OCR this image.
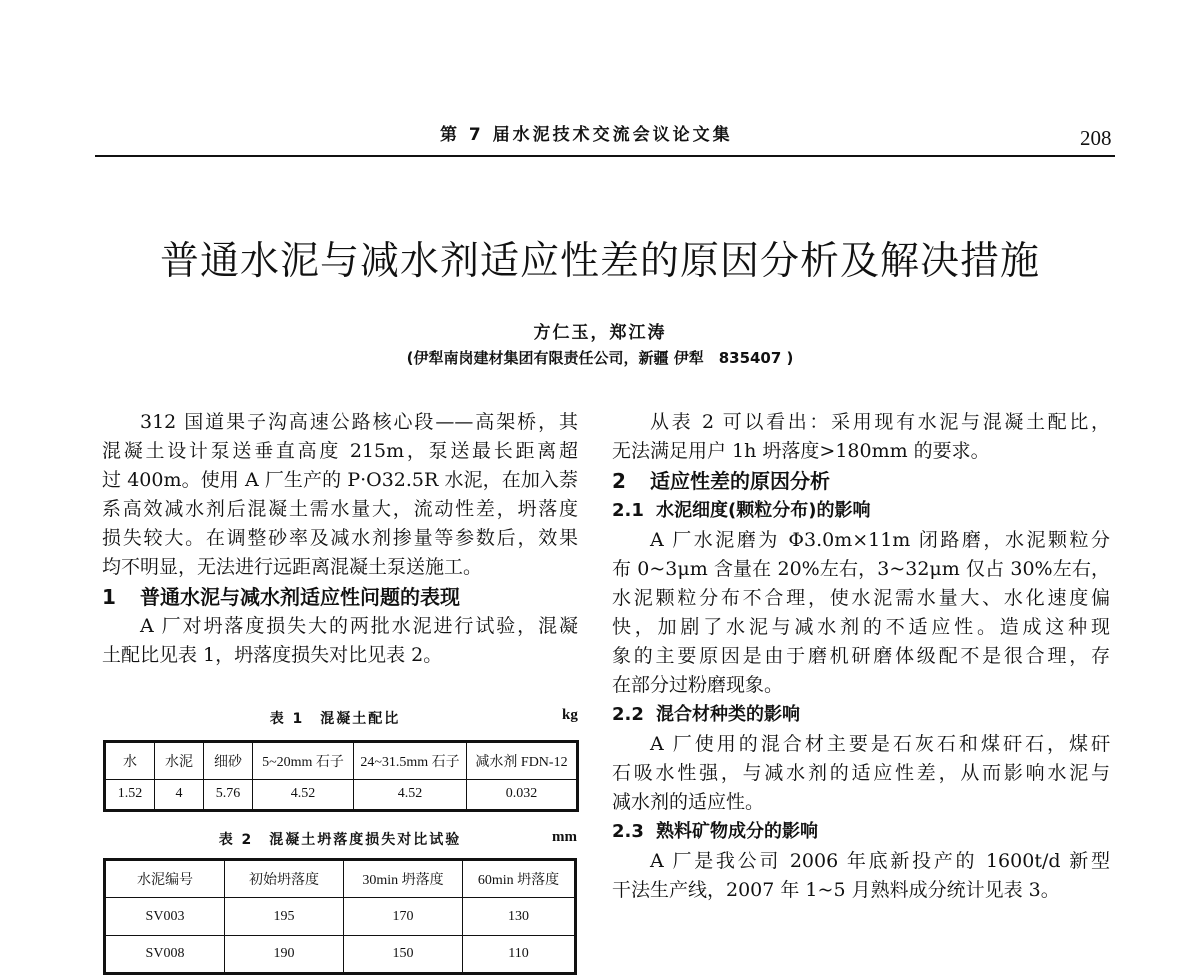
第 7 届水泥技术交流会议论文集	208
普通水泥与减水剂适应性差的原因分析及解决措施
方仁玉，郑江涛
(伊犁南岗建材集团有限责任公司，新疆 伊犁　835407 )
312 国道果子沟高速公路核心段——高架桥，其
混凝土设计泵送垂直高度 215m，泵送最长距离超
过 400m。使用 A 厂生产的 P·O32.5R 水泥，在加入萘
系高效减水剂后混凝土需水量大，流动性差，坍落度
损失较大。在调整砂率及减水剂掺量等参数后，效果
均不明显，无法进行远距离混凝土泵送施工。
1 普通水泥与减水剂适应性问题的表现
A 厂对坍落度损失大的两批水泥进行试验，混凝
土配比见表 1，坍落度损失对比见表 2。
表 1　混凝土配比	kg
水	水泥	细砂	5~20mm 石子	24~31.5mm 石子	减水剂 FDN-12
1.52	4	5.76	4.52	4.52	0.032
表 2　混凝土坍落度损失对比试验	mm
水泥编号	初始坍落度	30min 坍落度	60min 坍落度
SV003	195	170	130
SV008	190	150	110
从表 2 可以看出：采用现有水泥与混凝土配比，
无法满足用户 1h 坍落度>180mm 的要求。
2 适应性差的原因分析
2.1 水泥细度(颗粒分布)的影响
A 厂水泥磨为 Φ3.0m×11m 闭路磨，水泥颗粒分
布 0~3μm 含量在 20%左右，3~32μm 仅占 30%左右，
水泥颗粒分布不合理，使水泥需水量大、水化速度偏
快，加剧了水泥与减水剂的不适应性。造成这种现
象的主要原因是由于磨机研磨体级配不是很合理，存
在部分过粉磨现象。
2.2 混合材种类的影响
A 厂使用的混合材主要是石灰石和煤矸石，煤矸
石吸水性强，与减水剂的适应性差，从而影响水泥与
减水剂的适应性。
2.3 熟料矿物成分的影响
A 厂是我公司 2006 年底新投产的 1600t/d 新型
干法生产线，2007 年 1~5 月熟料成分统计见表 3。
